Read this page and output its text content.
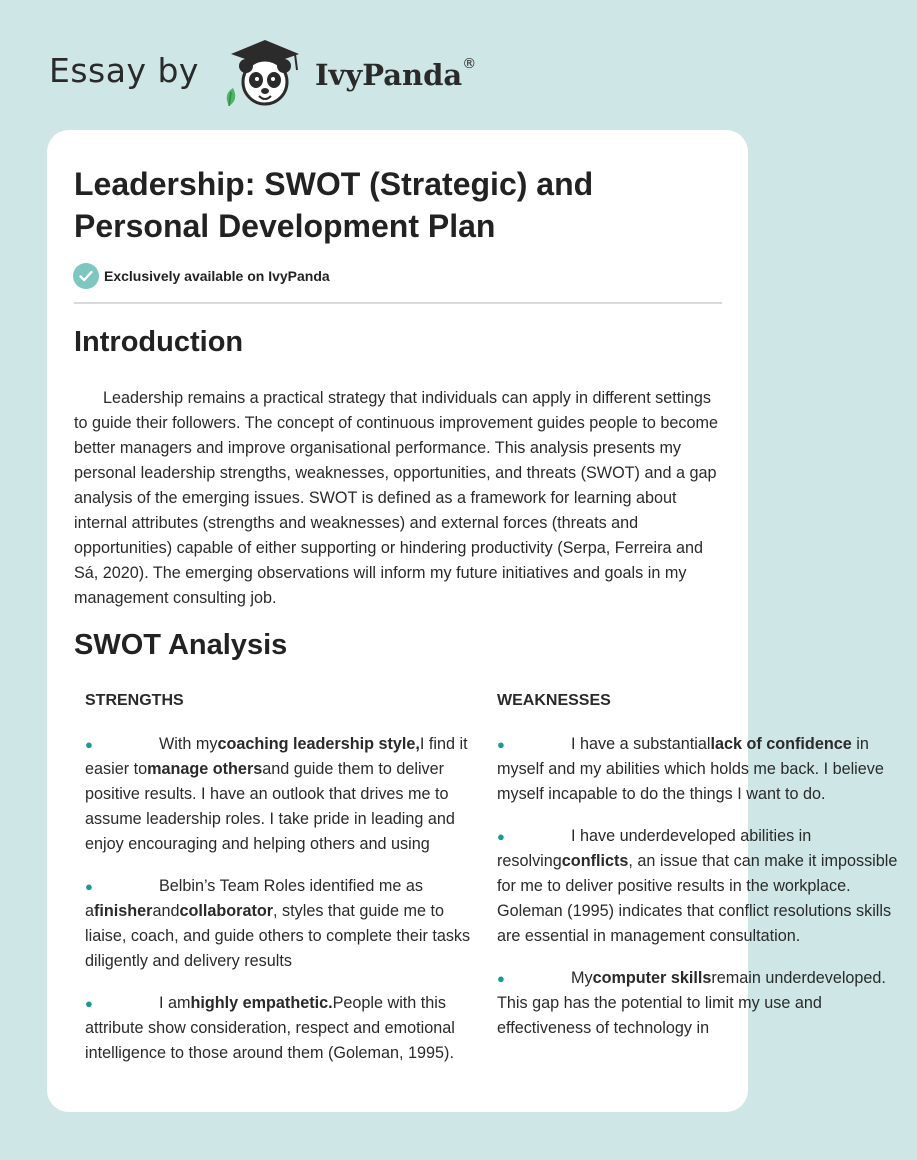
Essay by	IvyPanda®
Leadership: SWOT (Strategic) and Personal Development Plan
Exclusively available on IvyPanda
Introduction

Leadership remains a practical strategy that individuals can apply in different settings to guide their followers. The concept of continuous improvement guides people to become better managers and improve organisational performance. This analysis presents my personal leadership strengths, weaknesses, opportunities, and threats (SWOT) and a gap analysis of the emerging issues. SWOT is defined as a framework for learning about internal attributes (strengths and weaknesses) and external forces (threats and opportunities) capable of either supporting or hindering productivity (Serpa, Ferreira and Sá, 2020). The emerging observations will inform my future initiatives and goals in my management consulting job.

SWOT Analysis
STRENGTHS
●	With mycoaching leadership style,I find it easier tomanage othersand guide them to deliver positive results. I have an outlook that drives me to assume leadership roles. I take pride in leading and enjoy encouraging and helping others and using
●	Belbin’s Team Roles identified me as afinisherandcollaborator, styles that guide me to liaise, coach, and guide others to complete their tasks diligently and delivery results
●	I amhighly empathetic.People with this attribute show consideration, respect and emotional intelligence to those around them (Goleman, 1995).
WEAKNESSES
●	I have a substantiallack of confidence in myself and my abilities which holds me back. I believe myself incapable to do the things I want to do.
●	I have underdeveloped abilities in resolvingconflicts, an issue that can make it impossible for me to deliver positive results in the workplace. Goleman (1995) indicates that conflict resolutions skills are essential in management consultation.
●	Mycomputer skillsremain underdeveloped. This gap has the potential to limit my use and effectiveness of technology in
